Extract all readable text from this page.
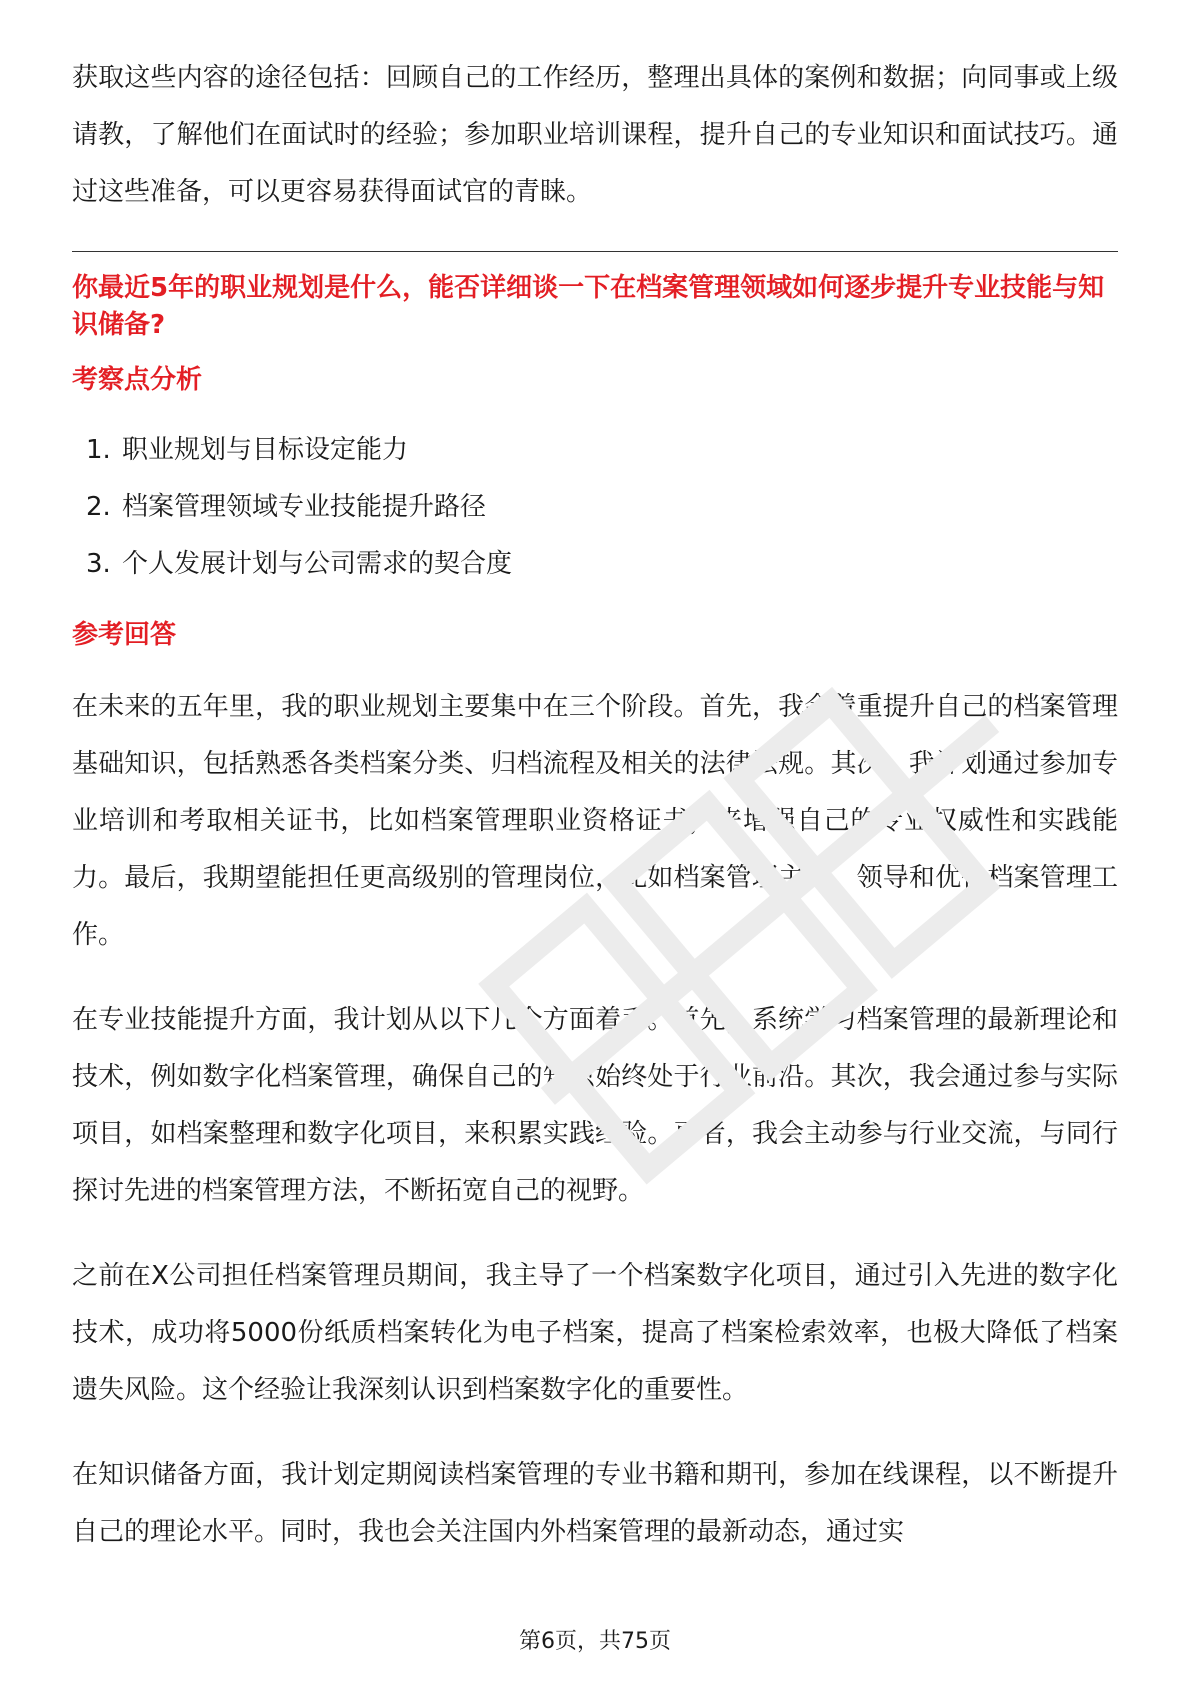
获取这些内容的途径包括：回顾自己的工作经历，整理出具体的案例和数据；向同事或上级请教，了解他们在面试时的经验；参加职业培训课程，提升自己的专业知识和面试技巧。通过这些准备，可以更容易获得面试官的青睐。

你最近5年的职业规划是什么，能否详细谈一下在档案管理领域如何逐步提升专业技能与知识储备?

考察点分析
1. 职业规划与目标设定能力
2. 档案管理领域专业技能提升路径
3. 个人发展计划与公司需求的契合度
参考回答

在未来的五年里，我的职业规划主要集中在三个阶段。首先，我会着重提升自己的档案管理基础知识，包括熟悉各类档案分类、归档流程及相关的法律法规。其次，我计划通过参加专业培训和考取相关证书，比如档案管理职业资格证书，来增强自己的专业权威性和实践能力。最后，我期望能担任更高级别的管理岗位，比如档案管理主管，领导和优化档案管理工作。

在专业技能提升方面，我计划从以下几个方面着手。首先，系统学习档案管理的最新理论和技术，例如数字化档案管理，确保自己的知识始终处于行业前沿。其次，我会通过参与实际项目，如档案整理和数字化项目，来积累实践经验。再者，我会主动参与行业交流，与同行探讨先进的档案管理方法，不断拓宽自己的视野。

之前在X公司担任档案管理员期间，我主导了一个档案数字化项目，通过引入先进的数字化技术，成功将5000份纸质档案转化为电子档案，提高了档案检索效率，也极大降低了档案遗失风险。这个经验让我深刻认识到档案数字化的重要性。

在知识储备方面，我计划定期阅读档案管理的专业书籍和期刊，参加在线课程，以不断提升自己的理论水平。同时，我也会关注国内外档案管理的最新动态，通过实

第6页，共75页
